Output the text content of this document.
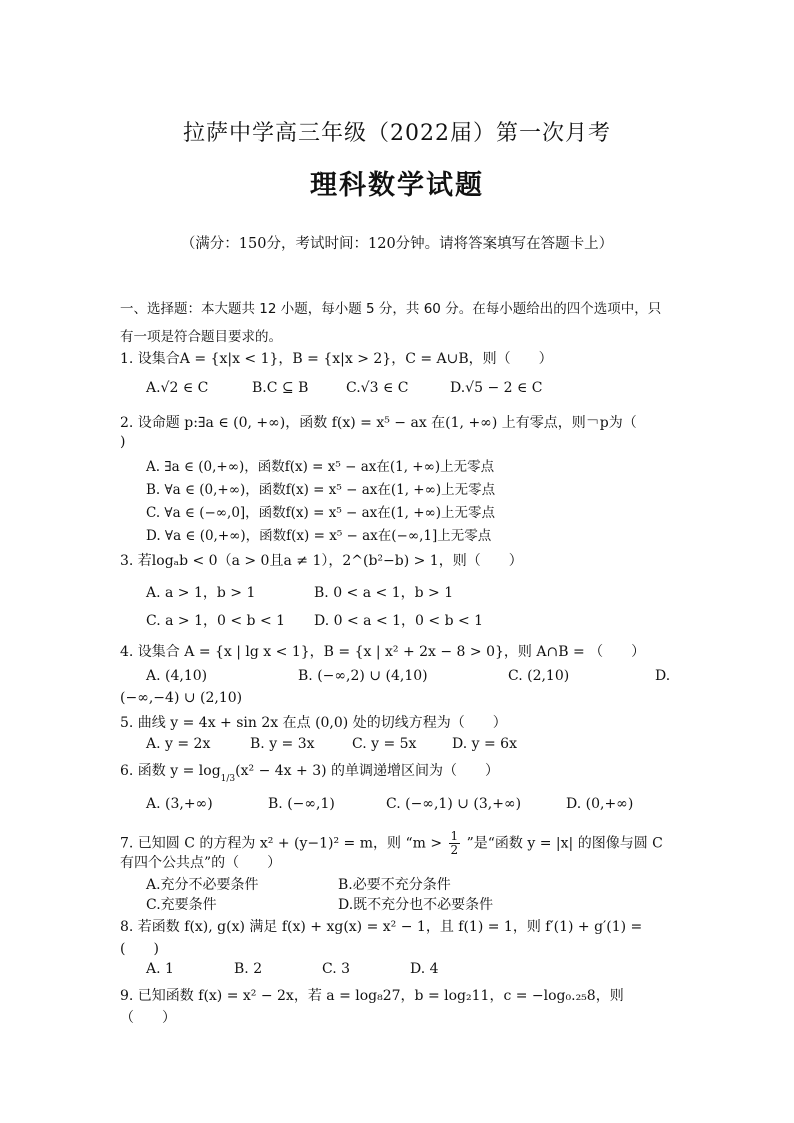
拉萨中学高三年级（2022届）第一次月考
理科数学试题
（满分：150分，考试时间：120分钟。请将答案填写在答题卡上）
一、选择题：本大题共 12 小题，每小题 5 分，共 60 分。在每小题给出的四个选项中，只
有一项是符合题目要求的。
1. 设集合A = {x|x < 1}，B = {x|x > 2}，C = A∪B，则（　　）
A.√2 ∈ C	B.C ⊆ B	C.√3 ∈ C	D.√5 − 2 ∈ C
2. 设命题 p:∃a ∈ (0, +∞)，函数 f(x) = x⁵ − ax 在(1, +∞) 上有零点，则￢p为（
)
A. ∃a ∈ (0,+∞)，函数f(x) = x⁵ − ax在(1, +∞)上无零点
B. ∀a ∈ (0,+∞)，函数f(x) = x⁵ − ax在(1, +∞)上无零点
C. ∀a ∈ (−∞,0]，函数f(x) = x⁵ − ax在(1, +∞)上无零点
D. ∀a ∈ (0,+∞)，函数f(x) = x⁵ − ax在(−∞,1]上无零点
3. 若logₐb < 0（a > 0且a ≠ 1），2^(b²−b) > 1，则（　　）
A. a > 1，b > 1	B. 0 < a < 1，b > 1
C. a > 1，0 < b < 1 D. 0 < a < 1，0 < b < 1
4. 设集合 A = {x | lg x < 1}，B = {x | x² + 2x − 8 > 0}，则 A∩B = （　　）
A. (4,10)	B. (−∞,2) ∪ (4,10)	C. (2,10)	D.
(−∞,−4) ∪ (2,10)
5. 曲线 y = 4x + sin 2x 在点 (0,0) 处的切线方程为（　　）
A. y = 2x	B. y = 3x	C. y = 5x	D. y = 6x
6. 函数 $y = \log_{1/3}(x^2 - 4x + 3)$ 的单调递增区间为（　　）
A. (3,+∞)	B. (−∞,1)	C. (−∞,1) ∪ (3,+∞)	D. (0,+∞)
7. 已知圆 C 的方程为 x² + (y−1)² = m，则 “$m > \frac{1}{2}$ ”是“函数 y = |x| 的图像与圆 C
有四个公共点”的（　　）
A.充分不必要条件	B.必要不充分条件
C.充要条件	D.既不充分也不必要条件
8. 若函数 f(x), g(x) 满足 f(x) + xg(x) = x² − 1，且 f(1) = 1，则 f′(1) + g′(1) =
(　　)
A. 1	B. 2	C. 3	D. 4
9. 已知函数 f(x) = x² − 2x，若 a = log₈27，b = log₂11，c = −log₀.₂₅8，则
（　　）
